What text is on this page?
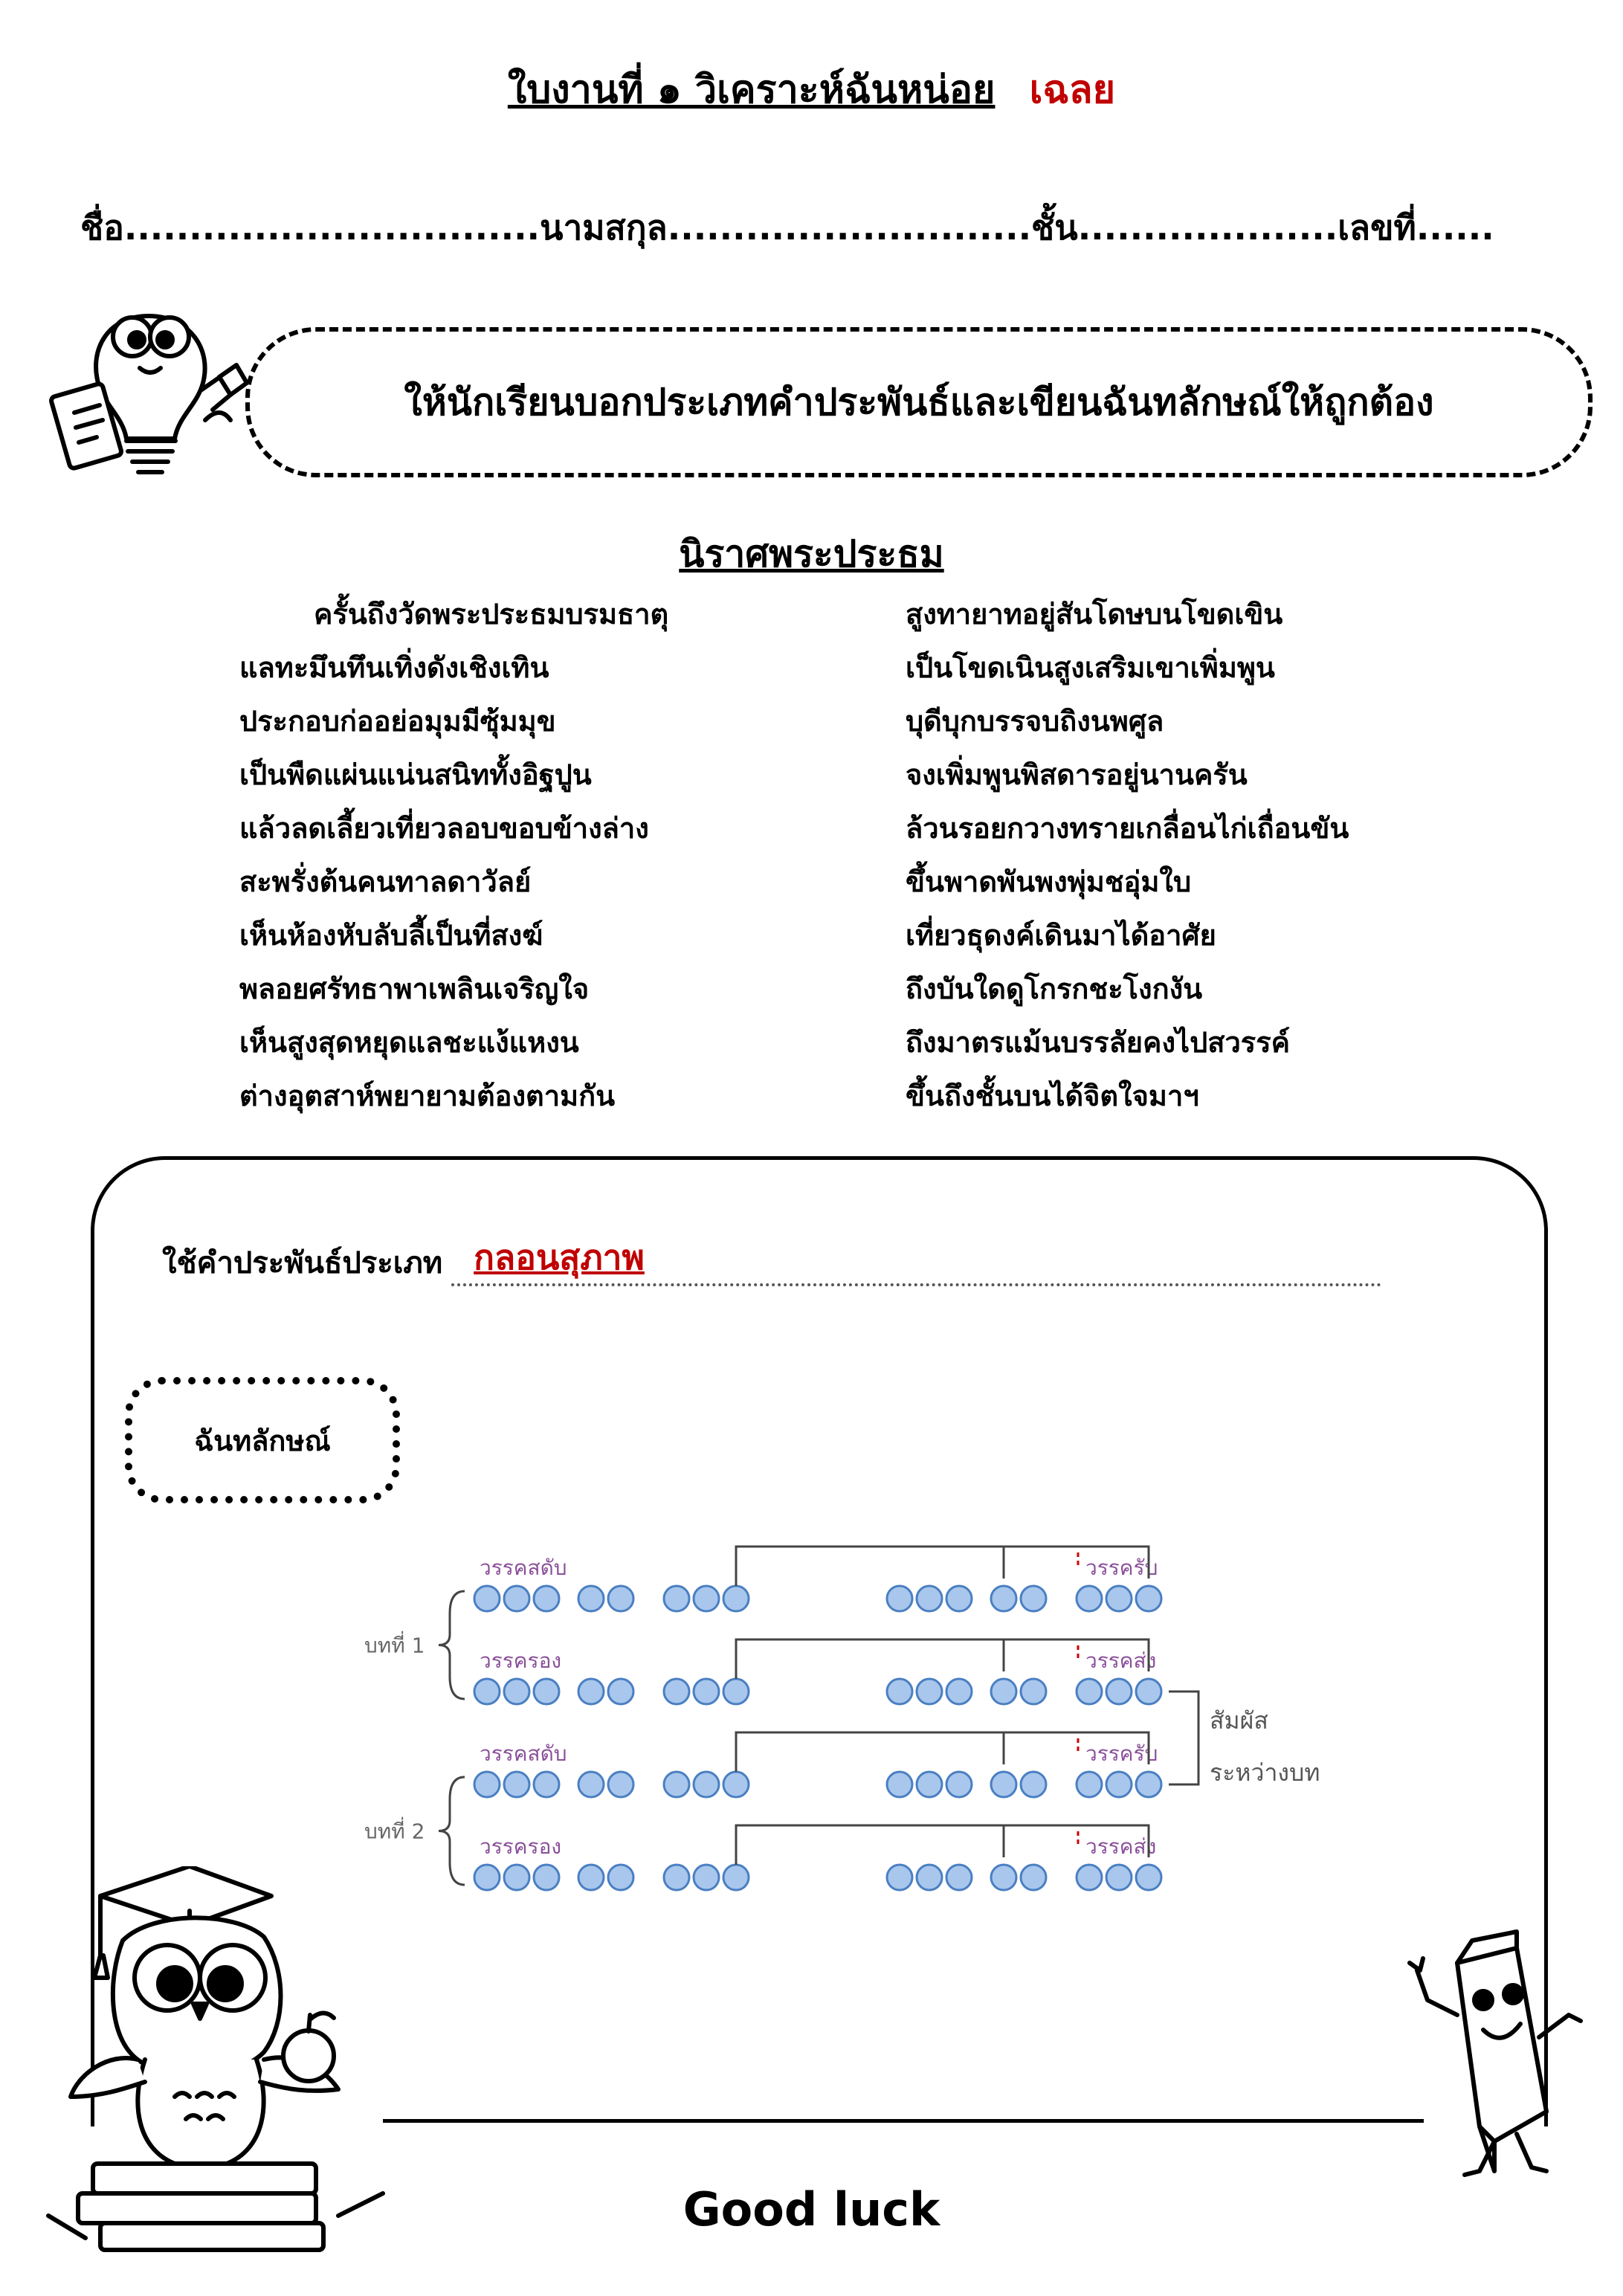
ใบงานที่ ๑ วิเคราะห์ฉันหน่อย เฉลย
ชื่อ................................นามสกุล............................ชั้น....................เลขที่......
ให้นักเรียนบอกประเภทคำประพันธ์และเขียนฉันทลักษณ์ให้ถูกต้อง
นิราศพระประธม
ครั้นถึงวัดพระประธมบรมธาตุ
แลทะมึนทึนเทิ่งดังเชิงเทิน
ประกอบก่ออย่อมุมมีซุ้มมุข
เป็นพืดแผ่นแน่นสนิททั้งอิฐปูน
แล้วลดเลี้ยวเที่ยวลอบขอบข้างล่าง
สะพรั่งต้นคนทาลดาวัลย์
เห็นห้องหับลับลี้เป็นที่สงฆ์
พลอยศรัทธาพาเพลินเจริญใจ
เห็นสูงสุดหยุดแลชะแง้แหงน
ต่างอุตสาห์พยายามต้องตามกัน
สูงทายาทอยู่สันโดษบนโขดเขิน
เป็นโขดเนินสูงเสริมเขาเพิ่มพูน
บุดีบุกบรรจบถิงนพศูล
จงเพิ่มพูนพิสดารอยู่นานครัน
ล้วนรอยกวางทรายเกลื่อนไก่เถื่อนขัน
ขึ้นพาดพันพงพุ่มชอุ่มใบ
เที่ยวธุดงค์เดินมาได้อาศัย
ถึงบันใดดูโกรกชะโงกงัน
ถึงมาตรแม้นบรรลัยคงไปสวรรค์
ขึ้นถึงชั้นบนได้จิตใจมาฯ
ใช้คำประพันธ์ประเภท กลอนสุภาพ
ฉันทลักษณ์
วรรคสดับ	วรรครับ
วรรครอง	วรรคส่ง
วรรคสดับ	วรรครับ
วรรครอง	วรรคส่ง
บทที่ 1
บทที่ 2
สัมผัส
ระหว่างบท
Good luck
